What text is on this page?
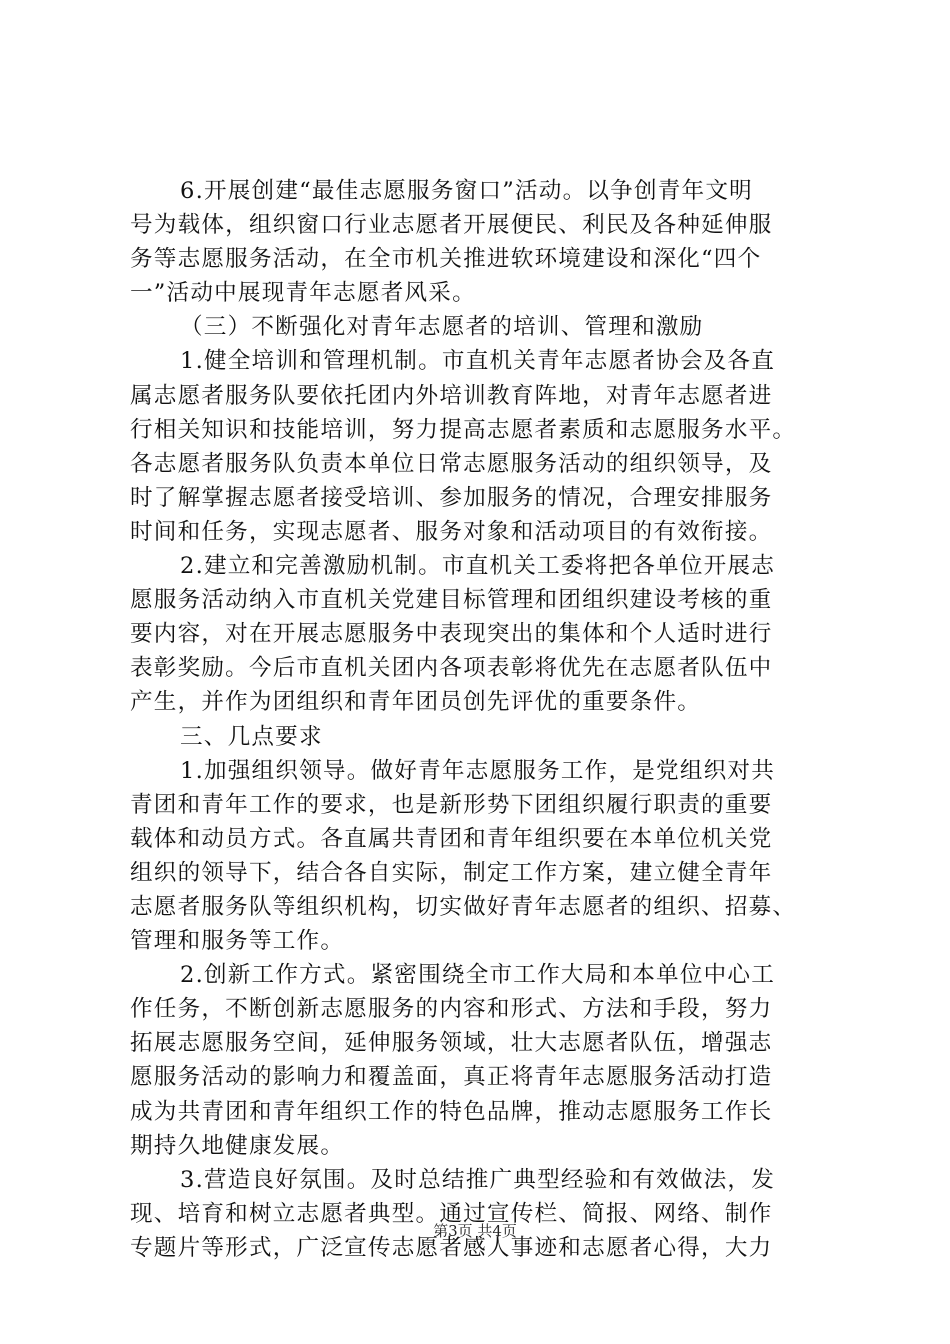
6.开展创建“最佳志愿服务窗口”活动。以争创青年文明
号为载体，组织窗口行业志愿者开展便民、利民及各种延伸服
务等志愿服务活动，在全市机关推进软环境建设和深化“四个
一”活动中展现青年志愿者风采。
（三）不断强化对青年志愿者的培训、管理和激励
1.健全培训和管理机制。市直机关青年志愿者协会及各直
属志愿者服务队要依托团内外培训教育阵地，对青年志愿者进
行相关知识和技能培训，努力提高志愿者素质和志愿服务水平。
各志愿者服务队负责本单位日常志愿服务活动的组织领导，及
时了解掌握志愿者接受培训、参加服务的情况，合理安排服务
时间和任务，实现志愿者、服务对象和活动项目的有效衔接。
2.建立和完善激励机制。市直机关工委将把各单位开展志
愿服务活动纳入市直机关党建目标管理和团组织建设考核的重
要内容，对在开展志愿服务中表现突出的集体和个人适时进行
表彰奖励。今后市直机关团内各项表彰将优先在志愿者队伍中
产生，并作为团组织和青年团员创先评优的重要条件。
三、几点要求
1.加强组织领导。做好青年志愿服务工作，是党组织对共
青团和青年工作的要求，也是新形势下团组织履行职责的重要
载体和动员方式。各直属共青团和青年组织要在本单位机关党
组织的领导下，结合各自实际，制定工作方案，建立健全青年
志愿者服务队等组织机构，切实做好青年志愿者的组织、招募、
管理和服务等工作。
2.创新工作方式。紧密围绕全市工作大局和本单位中心工
作任务，不断创新志愿服务的内容和形式、方法和手段，努力
拓展志愿服务空间，延伸服务领域，壮大志愿者队伍，增强志
愿服务活动的影响力和覆盖面，真正将青年志愿服务活动打造
成为共青团和青年组织工作的特色品牌，推动志愿服务工作长
期持久地健康发展。
3.营造良好氛围。及时总结推广典型经验和有效做法，发
现、培育和树立志愿者典型。通过宣传栏、简报、网络、制作
专题片等形式，广泛宣传志愿者感人事迹和志愿者心得，大力
第3页 共4页
